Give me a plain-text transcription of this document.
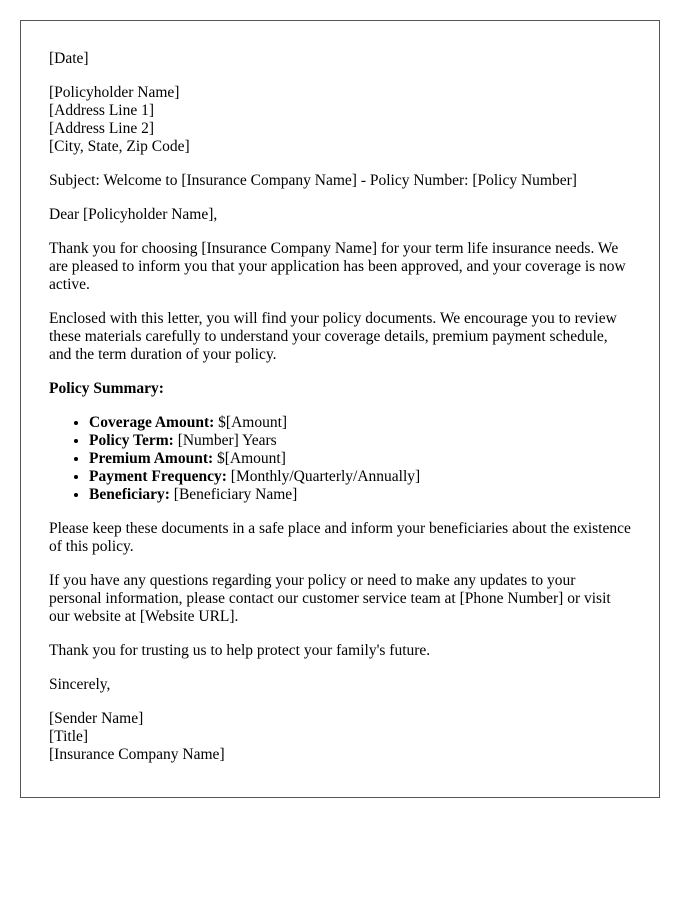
[Date]

[Policyholder Name]
[Address Line 1]
[Address Line 2]
[City, State, Zip Code]

Subject: Welcome to [Insurance Company Name] - Policy Number: [Policy Number]

Dear [Policyholder Name],

Thank you for choosing [Insurance Company Name] for your term life insurance needs. We are pleased to inform you that your application has been approved, and your coverage is now active.

Enclosed with this letter, you will find your policy documents. We encourage you to review these materials carefully to understand your coverage details, premium payment schedule, and the term duration of your policy.

Policy Summary:

• Coverage Amount: $[Amount]
• Policy Term: [Number] Years
• Premium Amount: $[Amount]
• Payment Frequency: [Monthly/Quarterly/Annually]
• Beneficiary: [Beneficiary Name]

Please keep these documents in a safe place and inform your beneficiaries about the existence of this policy.

If you have any questions regarding your policy or need to make any updates to your personal information, please contact our customer service team at [Phone Number] or visit our website at [Website URL].

Thank you for trusting us to help protect your family's future.

Sincerely,

[Sender Name]
[Title]
[Insurance Company Name]
